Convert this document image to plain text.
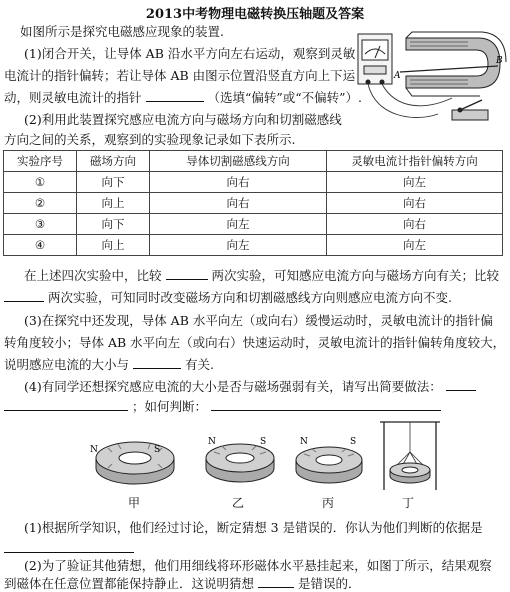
2013中考物理电磁转换压轴题及答案
如图所示是探究电磁感应现象的装置.
(1)闭合开关，让导体 AB 沿水平方向左右运动，观察到灵敏
电流计的指针偏转；若让导体 AB 由图示位置沿竖直方向上下运
动，则灵敏电流计的指针	（选填“偏转”或“不偏转”）.
(2)利用此装置探究感应电流方向与磁场方向和切割磁感线
方向之间的关系，观察到的实验现象记录如下表所示.
B
A
实验序号	磁场方向	导体切割磁感线方向	灵敏电流计指针偏转方向
①	向下	向右	向左
②	向上	向右	向右
③	向下	向左	向右
④	向上	向左	向左
在上述四次实验中，比较	两次实验，可知感应电流方向与磁场方向有关；比较
两次实验，可知同时改变磁场方向和切割磁感线方向则感应电流方向不变.
(3)在探究中还发现，导体 AB 水平向左（或向右）缓慢运动时，灵敏电流计的指针偏
转角度较小；导体 AB 水平向左（或向右）快速运动时，灵敏电流计的指针偏转角度较大，
说明感应电流的大小与	有关.
(4)有同学还想探究感应电流的大小是否与磁场强弱有关，请写出简要做法：
；如何判断：
N	S
甲
N	S
乙
N	S
丙	丁
(1)根据所学知识，他们经过讨论，断定猜想 3 是错误的．你认为他们判断的依据是
(2)为了验证其他猜想，他们用细线将环形磁体水平悬挂起来，如图丁所示，结果观察
到磁体在任意位置都能保持静止．这说明猜想	是错误的．
